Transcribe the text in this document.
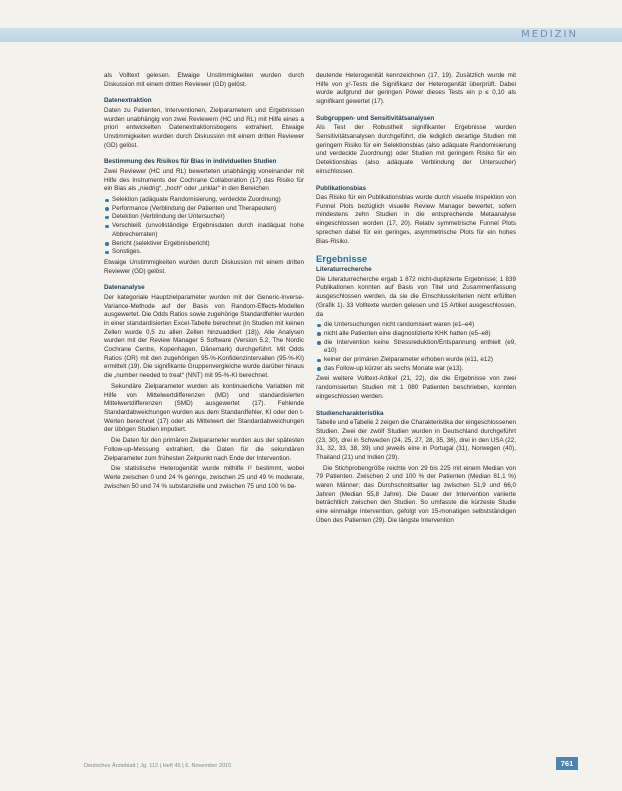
MEDIZIN

als Volltext gelesen. Etwaige Unstimmigkeiten wurden durch Diskussion mit einem dritten Reviewer (GD) gelöst.

Datenextraktion

Daten zu Patienten, Interventionen, Zielparametern und Ergebnissen wurden unabhängig von zwei Reviewern (HC und RL) mit Hilfe eines a priori entwickelten Datenextraktionsbogens extrahiert. Etwaige Unstimmigkeiten wurden durch Diskussion mit einem dritten Reviewer (GD) gelöst.

Bestimmung des Risikos für Bias in individuellen Studien

Zwei Reviewer (HC und RL) bewerteten unabhängig voneinander mit Hilfe des Instruments der Cochrane Collaboration (17) das Risiko für ein Bias als „niedrig“, „hoch“ oder „unklar“ in den Bereichen

Selektion (adäquate Randomisierung, verdeckte Zuordnung)
Performance (Verblindung der Patienten und Therapeuten)
Detektion (Verblindung der Untersucher)
Verschleiß (unvollständige Ergebnisdaten durch inadäquat hohe Abbrecherraten)
Bericht (selektiver Ergebnisbericht)
Sonstiges.

Etwaige Unstimmigkeiten wurden durch Diskussion mit einem dritten Reviewer (GD) gelöst.

Datenanalyse

Der kategoriale Hauptzielparameter wurden mit der Generic-Inverse-Variance-Methode auf der Basis von Random-Effects-Modellen ausgewertet. Die Odds Ratios sowie zugehörige Standardfehler wurden in einer standardisierten Excel-Tabelle berechnet (in Studien mit keinen Zellen wurde 0,5 zu allen Zellen hinzuaddiert (18)). Alle Analysen wurden mit der Review Manager 5 Software (Version 5.2, The Nordic Cochrane Centre, Kopenhagen, Dänemark) durchgeführt. Mit Odds Ratios (OR) mit den zugehörigen 95-%-Konfidenzintervallen (95-%-KI) ermittelt (19). Die signifikante Gruppenvergleiche wurde darüber hinaus die „number needed to treat“ (NNT) mit 95-%-KI berechnet.

Sekundäre Zielparameter wurden als kontinuierliche Variablen mit Hilfe von Mittelwertdifferenzen (MD) und standardisierten Mittelwertdifferenzen (SMD) ausgewertet (17). Fehlende Standardabweichungen wurden aus dem Standardfehler, KI oder den t-Werten berechnet (17) oder als Mittelwert der Standardabweichungen der übrigen Studien imputiert.

Die Daten für den primären Zielparameter wurden aus der spätesten Follow-up-Messung extrahiert, die Daten für die sekundären Zielparameter zum frühesten Zeitpunkt nach Ende der Intervention.

Die statistische Heterogenität wurde mithilfe I² bestimmt, wobei Werte zwischen 0 und 24 % geringe, zwischen 25 und 49 % moderate, zwischen 50 und 74 % substanzielle und zwischen 75 und 100 % be-

deutende Heterogenität kennzeichnen (17, 19). Zusätzlich wurde mit Hilfe von χ²-Tests die Signifikanz der Heterogenität überprüft. Dabei wurde aufgrund der geringen Power dieses Tests ein p ≤ 0,10 als signifikant gewertet (17).

Subgruppen- und Sensitivitätsanalysen

Als Test der Robustheit signifikanter Ergebnisse wurden Sensitivitätsanalysen durchgeführt, die lediglich derartige Studien mit geringem Risiko für ein Selektionsbias (also adäquate Randomisierung und verdeckte Zuordnung) oder Studien mit geringem Risiko für ein Detektionsbias (also adäquate Verblindung der Untersucher) einschlossen.

Publikationsbias

Das Risiko für ein Publikationsbias wurde durch visuelle Inspektion von Funnel Plots bezüglich visuelle Review Manager bewertet, sofern mindestens zehn Studien in die entsprechende Metaanalyse eingeschlossen worden (17, 20). Relativ symmetrische Funnel Plots sprechen dabei für ein geringes, asymmetrische Plots für ein hohes Bias-Risiko.

Ergebnisse
Literaturrecherche

Die Literaturrecherche ergab 1 872 nicht-duplizierte Ergebnisse; 1 839 Publikationen konnten auf Basis von Titel und Zusammenfassung ausgeschlossen werden, da sie die Einschlusskriterien nicht erfüllten (Grafik 1). 33 Volltexte wurden gelesen und 15 Artikel ausgeschlossen, da

die Untersuchungen nicht randomisiert waren (e1–e4)
nicht alle Patienten eine diagnostizierte KHK hatten (e5–e8)
die Intervention keine Stressreduktion/Entspannung enthielt (e9, e10)
keiner der primären Zielparameter erhoben wurde (e11, e12)
das Follow-up kürzer als sechs Monate war (e13).

Zwei weitere Volltext-Artikel (21, 22), die die Ergebnisse von zwei randomisierten Studien mit 1 080 Patienten beschrieben, konnten eingeschlossen werden.

Studiencharakteristika

Tabelle und eTabelle 2 zeigen die Charakteristika der eingeschlossenen Studien. Zwei der zwölf Studien wurden in Deutschland durchgeführt (23, 30), drei in Schweden (24, 25, 27, 28, 35, 36), drei in den USA (22, 31, 32, 33, 38, 39) und jeweils eine in Portugal (31), Norwegen (40), Thailand (21) und Indien (29).

Die Stichprobengröße reichte von 29 bis 225 mit einem Median von 79 Patienten. Zwischen 2 und 100 % der Patienten (Median 81,1 %) waren Männer; das Durchschnittsalter lag zwischen 51,9 und 66,0 Jahren (Median 55,8 Jahre). Die Dauer der Intervention variierte beträchtlich zwischen den Studien. So umfasste die kürzeste Studie eine einmalige Intervention, gefolgt von 15-monatigen selbstständigen Üben des Patienten (29). Die längste Intervention

Deutsches Ärzteblatt | Jg. 112 | Heft 45 | 6. November 2015	761
